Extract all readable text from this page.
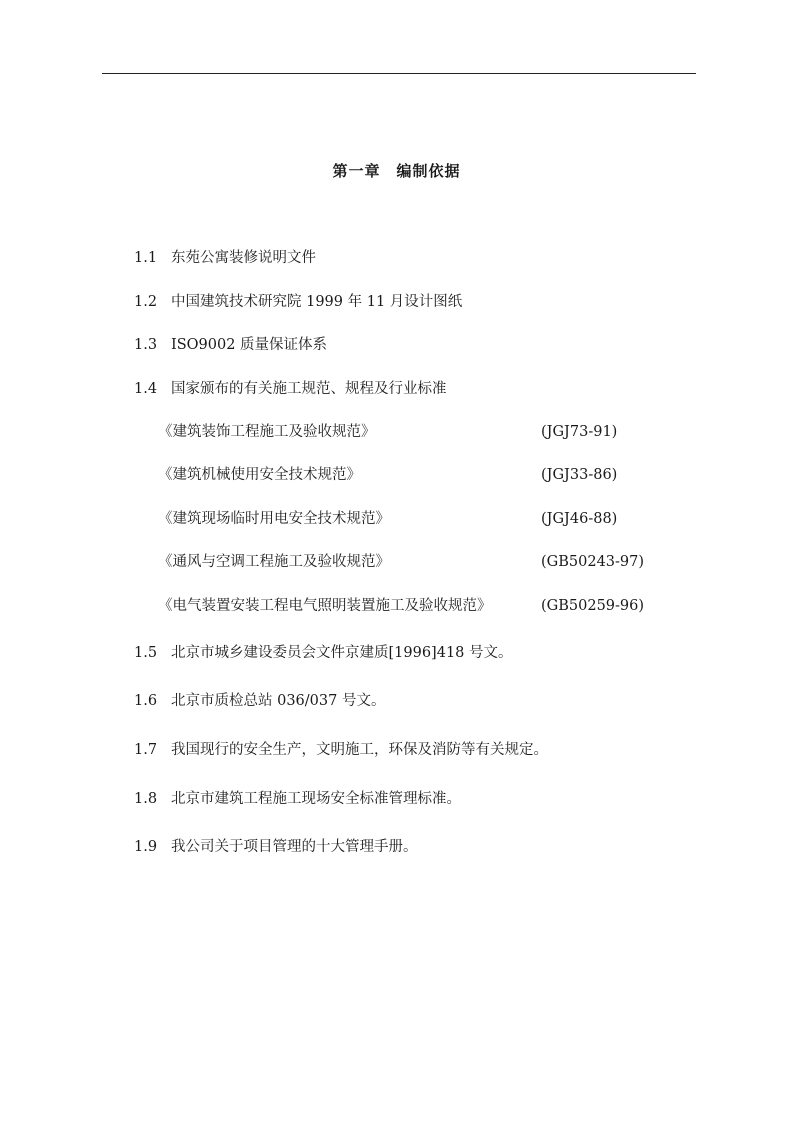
第一章　编制依据
1.1 东苑公寓装修说明文件
1.2 中国建筑技术研究院 1999 年 11 月设计图纸
1.3 ISO9002 质量保证体系
1.4 国家颁布的有关施工规范、规程及行业标准
《建筑装饰工程施工及验收规范》	(JGJ73-91)
《建筑机械使用安全技术规范》	(JGJ33-86)
《建筑现场临时用电安全技术规范》	(JGJ46-88)
《通风与空调工程施工及验收规范》	(GB50243-97)
《电气装置安装工程电气照明装置施工及验收规范》	(GB50259-96)
1.5 北京市城乡建设委员会文件京建质[1996]418 号文。
1.6 北京市质检总站 036/037 号文。
1.7 我国现行的安全生产，文明施工，环保及消防等有关规定。
1.8 北京市建筑工程施工现场安全标准管理标准。
1.9 我公司关于项目管理的十大管理手册。
